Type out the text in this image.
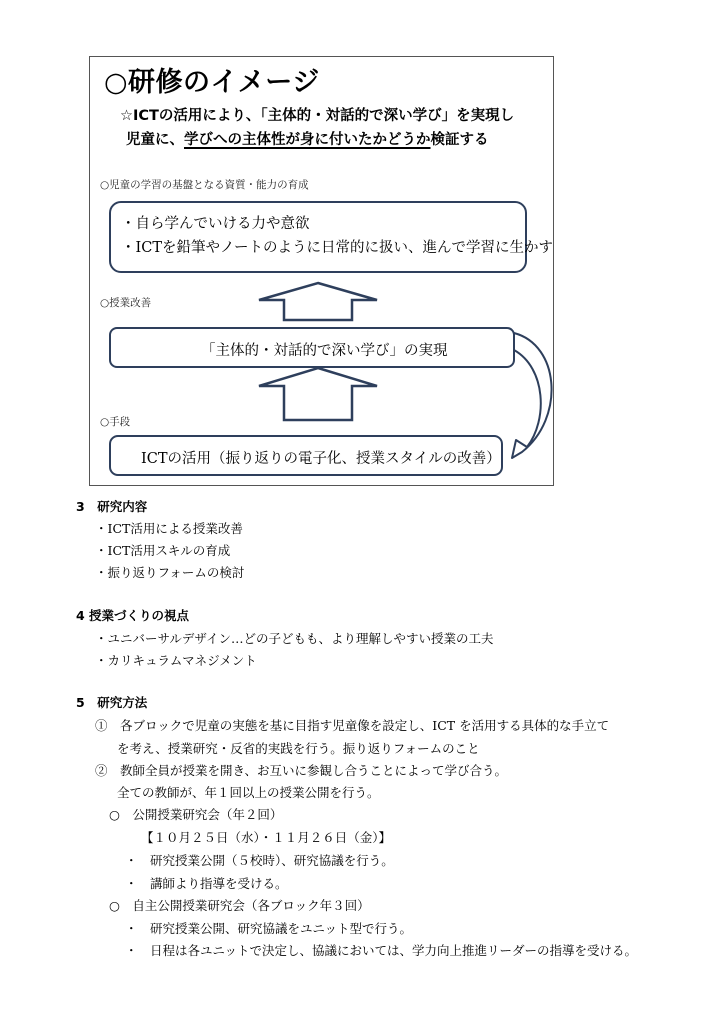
○研修のイメージ
☆ICTの活用により、「主体的・対話的で深い学び」を実現し
児童に、学びへの主体性が身に付いたかどうか検証する
○児童の学習の基盤となる資質・能力の育成
・自ら学んでいける力や意欲
・ICTを鉛筆やノートのように日常的に扱い、進んで学習に生かす
○授業改善
「主体的・対話的で深い学び」の実現
○手段
ICTの活用（振り返りの電子化、授業スタイルの改善）
3　研究内容
・ICT活用による授業改善
・ICT活用スキルの育成
・振り返りフォームの検討
4 授業づくりの視点
・ユニバーサルデザイン…どの子どもも、より理解しやすい授業の工夫
・カリキュラムマネジメント
5　研究方法
①　各ブロックで児童の実態を基に目指す児童像を設定し、ICT を活用する具体的な手立て
を考え、授業研究・反省的実践を行う。振り返りフォームのこと
②　教師全員が授業を開き、お互いに参観し合うことによって学び合う。
全ての教師が、年１回以上の授業公開を行う。
○　公開授業研究会（年２回）
【１０月２５日（水）・１１月２６日（金）】
・　研究授業公開（５校時）、研究協議を行う。
・　講師より指導を受ける。
○　自主公開授業研究会（各ブロック年３回）
・　研究授業公開、研究協議をユニット型で行う。
・　日程は各ユニットで決定し、協議においては、学力向上推進リーダーの指導を受ける。
